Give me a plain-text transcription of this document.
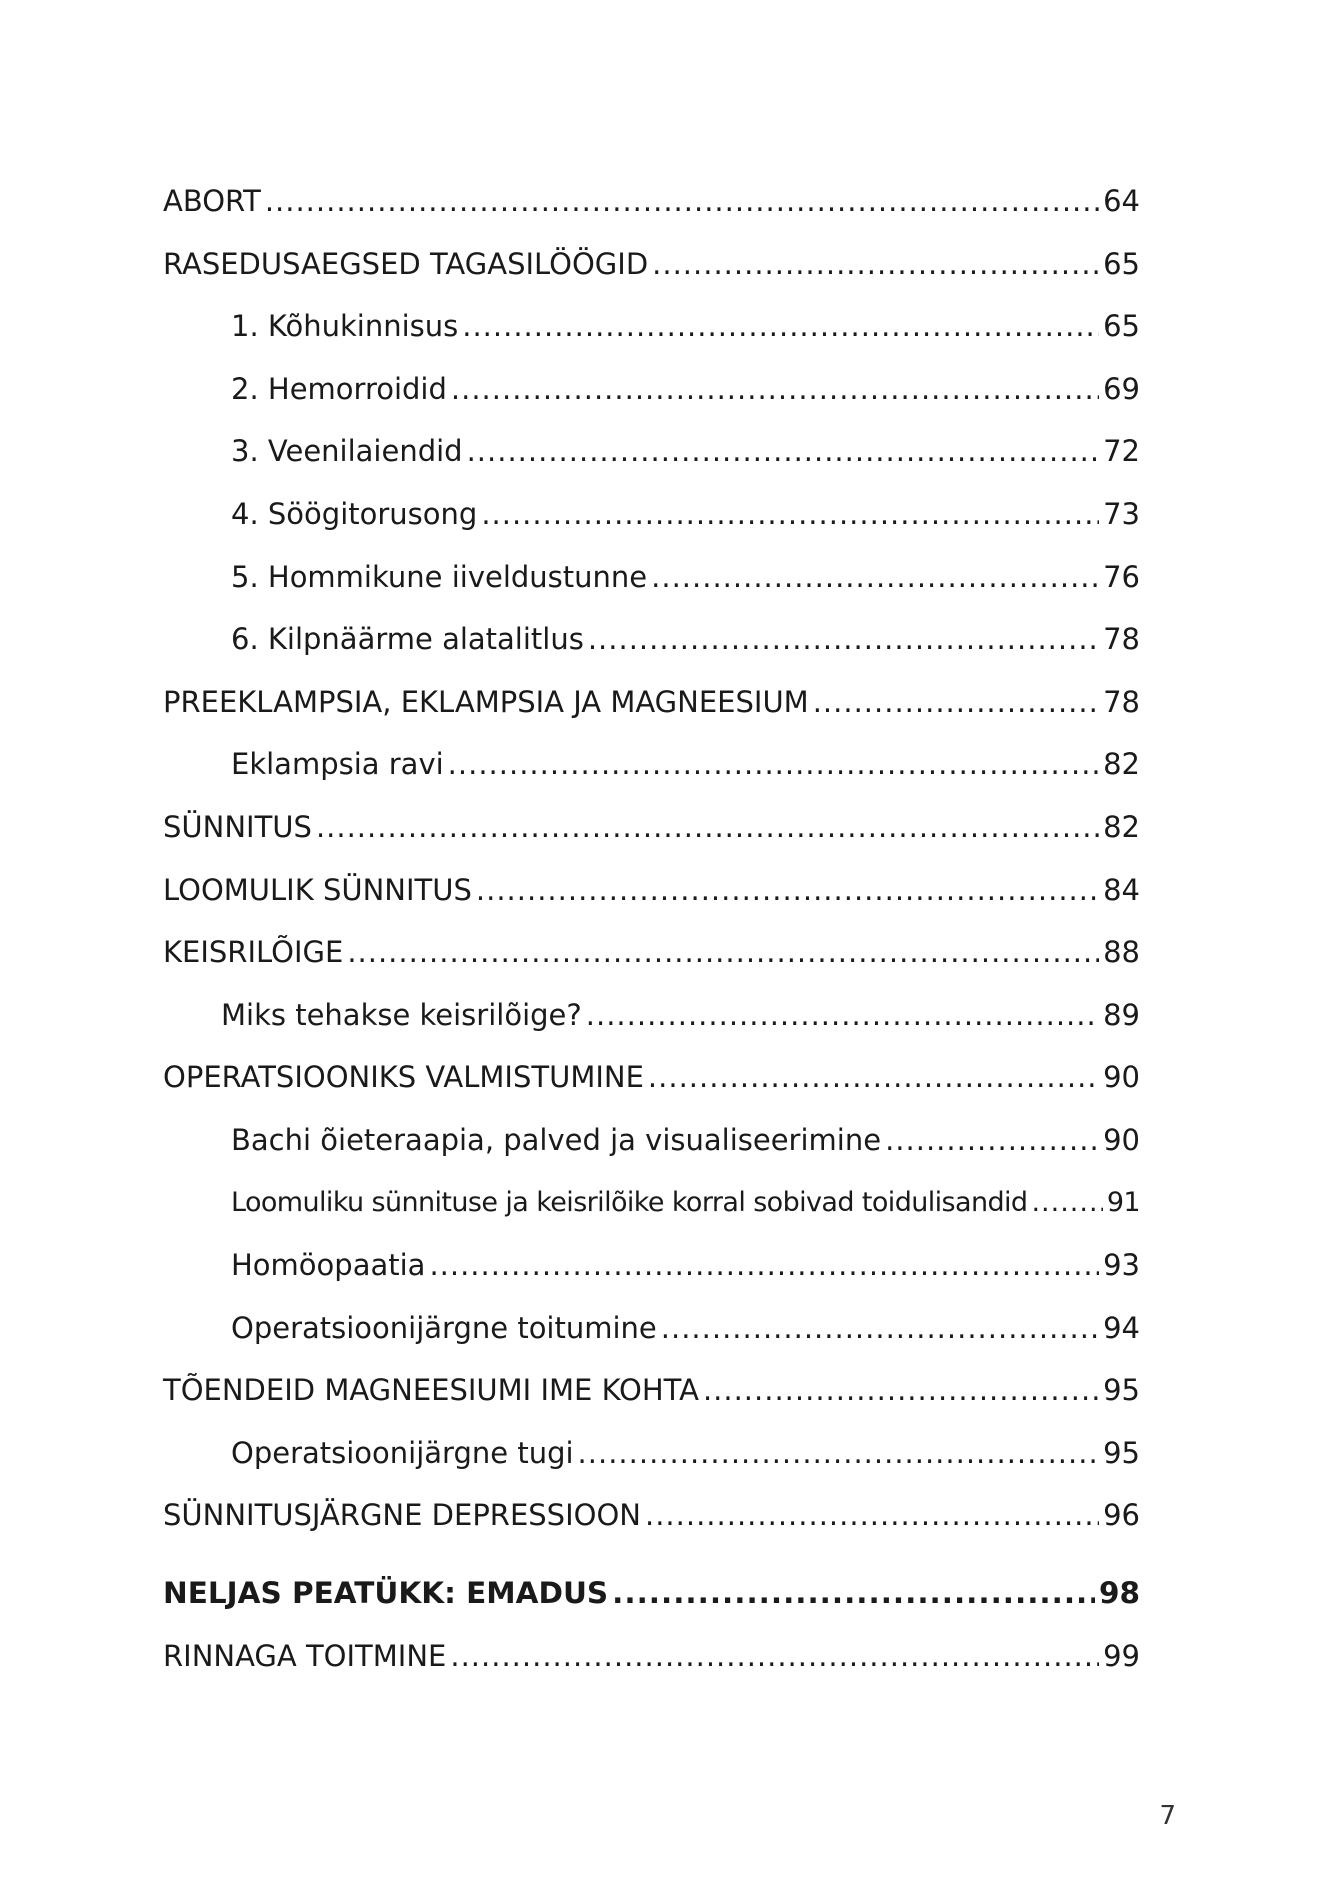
ABORT .....	64
RASEDUSAEGSED TAGASILÖÖGID .....	65
1. Kõhukinnisus .....	65
2. Hemorroidid .....	69
3. Veenilaiendid .....	72
4. Söögitorusong .....	73
5. Hommikune iiveldustunne .....	76
6. Kilpnäärme alatalitlus .....	78
PREEKLAMPSIA, EKLAMPSIA JA MAGNEESIUM .....	78
Eklampsia ravi .....	82
SÜNNITUS .....	82
LOOMULIK SÜNNITUS .....	84
KEISRILÕIGE .....	88
Miks tehakse keisrilõige? .....	89
OPERATSIOONIKS VALMISTUMINE .....	90
Bachi õieteraapia, palved ja visualiseerimine .....	90
Loomuliku sünnituse ja keisrilõike korral sobivad toidulisandid .....	91
Homöopaatia .....	93
Operatsioonijärgne toitumine .....	94
TÕENDEID MAGNEESIUMI IME KOHTA .....	95
Operatsioonijärgne tugi .....	95
SÜNNITUSJÄRGNE DEPRESSIOON .....	96
NELJAS PEATÜKK: EMADUS .....	98
RINNAGA TOITMINE .....	99
7
